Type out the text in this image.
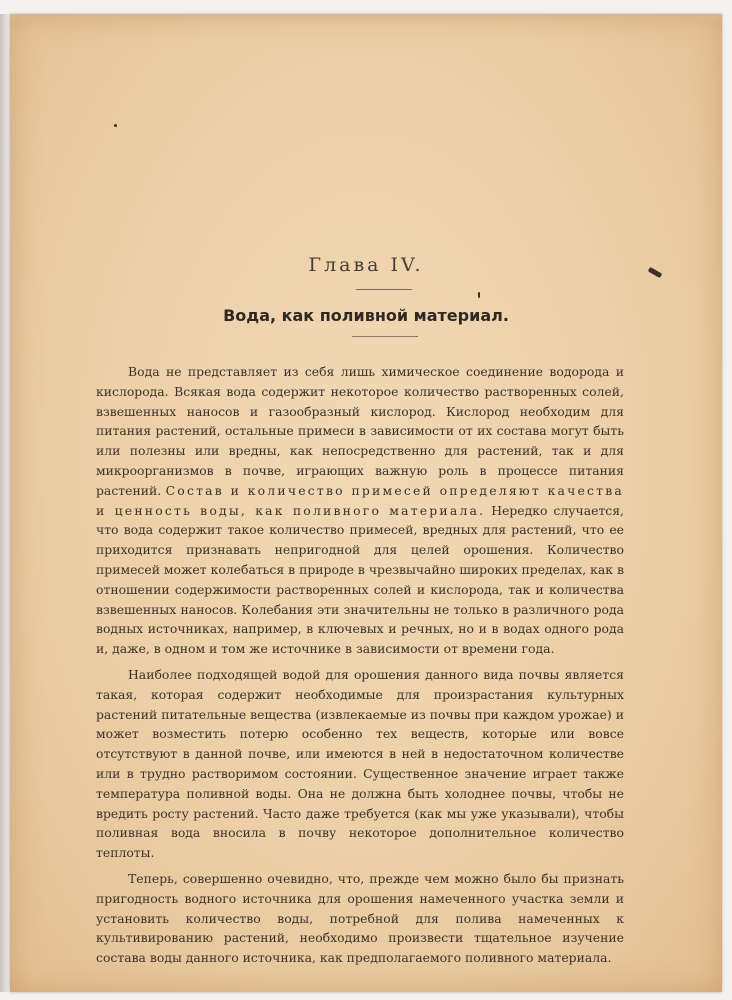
Глава IV.
Вода, как поливной материал.

Вода не представляет из себя лишь химическое соединение водорода и кислорода. Всякая вода содержит некоторое количество растворенных солей, взвешенных наносов и газообразный кислород. Кислород необходим для питания растений, остальные примеси в зависимости от их состава могут быть или полезны или вредны, как непосредственно для растений, так и для микроорганизмов в почве, играющих важную роль в процессе питания растений. Состав и количество примесей определяют качества и ценность воды, как поливного материала. Нередко случается, что вода содержит такое количество примесей, вредных для растений, что ее приходится признавать непригодной для целей орошения. Количество примесей может колебаться в природе в чрезвычайно широких пределах, как в отношении содержимости растворенных солей и кислорода, так и количества взвешенных наносов. Колебания эти значительны не только в различного рода водных источниках, например, в ключевых и речных, но и в водах одного рода и, даже, в одном и том же источнике в зависимости от времени года.

Наиболее подходящей водой для орошения данного вида почвы является такая, которая содержит необходимые для произрастания культурных растений питательные вещества (извлекаемые из почвы при каждом урожае) и может возместить потерю особенно тех веществ, которые или вовсе отсутствуют в данной почве, или имеются в ней в недостаточном количестве или в трудно растворимом состоянии. Существенное значение играет также температура поливной воды. Она не должна быть холоднее почвы, чтобы не вредить росту растений. Часто даже требуется (как мы уже указывали), чтобы поливная вода вносила в почву некоторое дополнительное количество теплоты.

Теперь, совершенно очевидно, что, прежде чем можно было бы признать пригодность водного источника для орошения намеченного участка земли и установить количество воды, потребной для полива намеченных к культивированию растений, необходимо произвести тщательное изучение состава воды данного источника, как предполагаемого поливного материала.
